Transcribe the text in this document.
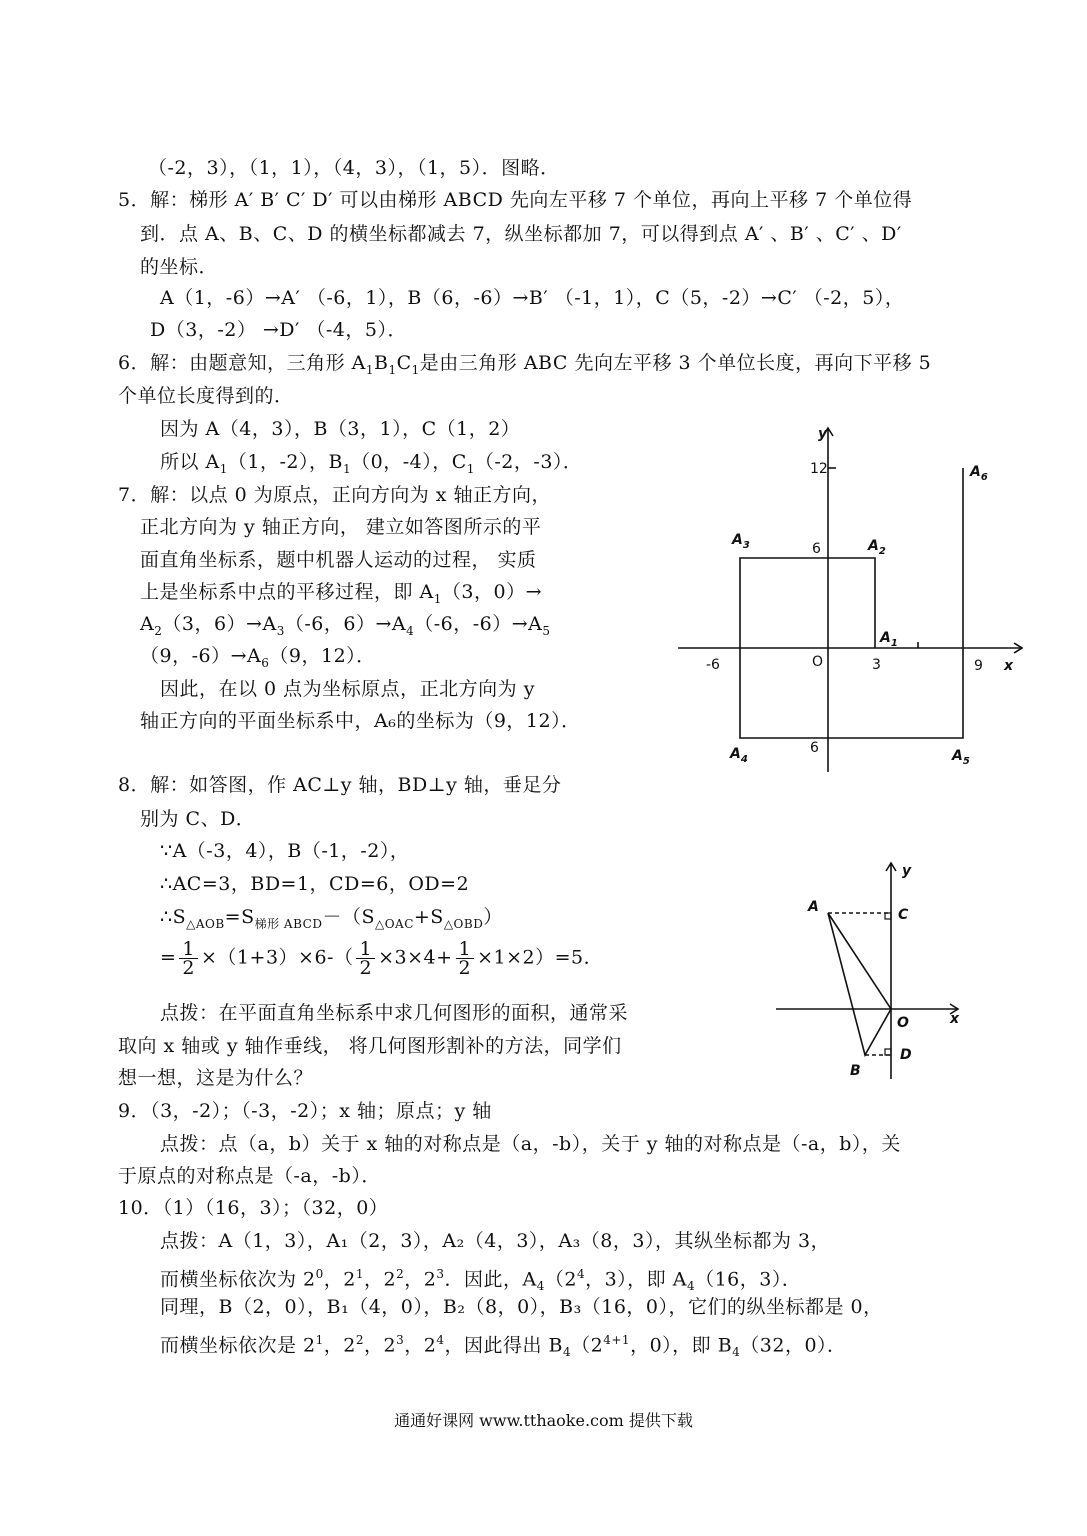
（-2，3），（1，1），（4，3），（1，5）．图略．
5．解：梯形 A′ B′ C′ D′ 可以由梯形 ABCD 先向左平移 7 个单位，再向上平移 7 个单位得
到．点 A、B、C、D 的横坐标都减去 7，纵坐标都加 7，可以得到点 A′ 、B′ 、C′ 、D′
的坐标．
A（1，-6）→A′ （-6，1），B（6，-6）→B′ （-1，1），C（5，-2）→C′ （-2，5），
D（3，-2） →D′ （-4，5）．
6．解：由题意知，三角形 $A_1B_1C_1$是由三角形 ABC 先向左平移 3 个单位长度，再向下平移 5
个单位长度得到的．
因为 A（4，3），B（3，1），C（1，2）
所以 $A_1(1$，-2），$B_1(0$，-4），$C_1(-2$，-3）．
7．解：以点 0 为原点，正向方向为 x 轴正方向，
正北方向为 y 轴正方向， 建立如答图所示的平
面直角坐标系，题中机器人运动的过程， 实质
上是坐标系中点的平移过程，即 $A_1(3$，0）→
$A_2(3$，$6)\to A_3(-6$，$6)\to A_4(-6$，$-6)\to A_5$
（9，$-6)\to A_6(9$，12）．
因此，在以 0 点为坐标原点，正北方向为 y
轴正方向的平面坐标系中，A₆的坐标为（9，12）．
8．解：如答图，作 AC⊥y 轴，BD⊥y 轴，垂足分
别为 C、D．
∵A（-3，4），B（-1，-2），
∴AC=3，BD=1，CD=6，OD=2
$\therefore S_{\triangle AOB}=S_{梯形 ABCD}-(S_{\triangle OAC}+S_{\triangle OBD})$
= $\frac{1}{2} \times(1+3)\times 6-( \frac{1}{2} \times 3\times 4+ \frac{1}{2} \times 1\times 2)=5$．
点拨：在平面直角坐标系中求几何图形的面积，通常采
取向 x 轴或 y 轴作垂线， 将几何图形割补的方法，同学们
想一想，这是为什么？
9．（3，-2）；（-3，-2）；x 轴；原点；y 轴
点拨：点（a，b）关于 x 轴的对称点是（a，-b），关于 y 轴的对称点是（-a，b），关
于原点的对称点是（-a，-b）．
10．（1）（16，3）；（32，0）
点拨：A（1，3），A₁（2，3），A₂（4，3），A₃（8，3），其纵坐标都为 3，
而横坐标依次为 $2^0$，$2^1$，$2^2$，$2^3$．因此，$A_4(2^4$，3），即 $A_4(16$，3）．
同理，B（2，0），B₁（4，0），B₂（8，0），B₃（16，0），它们的纵坐标都是 0，
而横坐标依次是 $2^1$，$2^2$，$2^3$，$2^4$，因此得出 $B_4(2^{4+1}$，0），即 $B_4(32$，0）．
y
x
12
6
6
-6	3	9
O
$A_1$
$A_2$
$A_3$
$A_4$	$A_5$
$A_6$
y
x
A
B
C
D
O
通通好课网 www.tthaoke.com 提供下载
